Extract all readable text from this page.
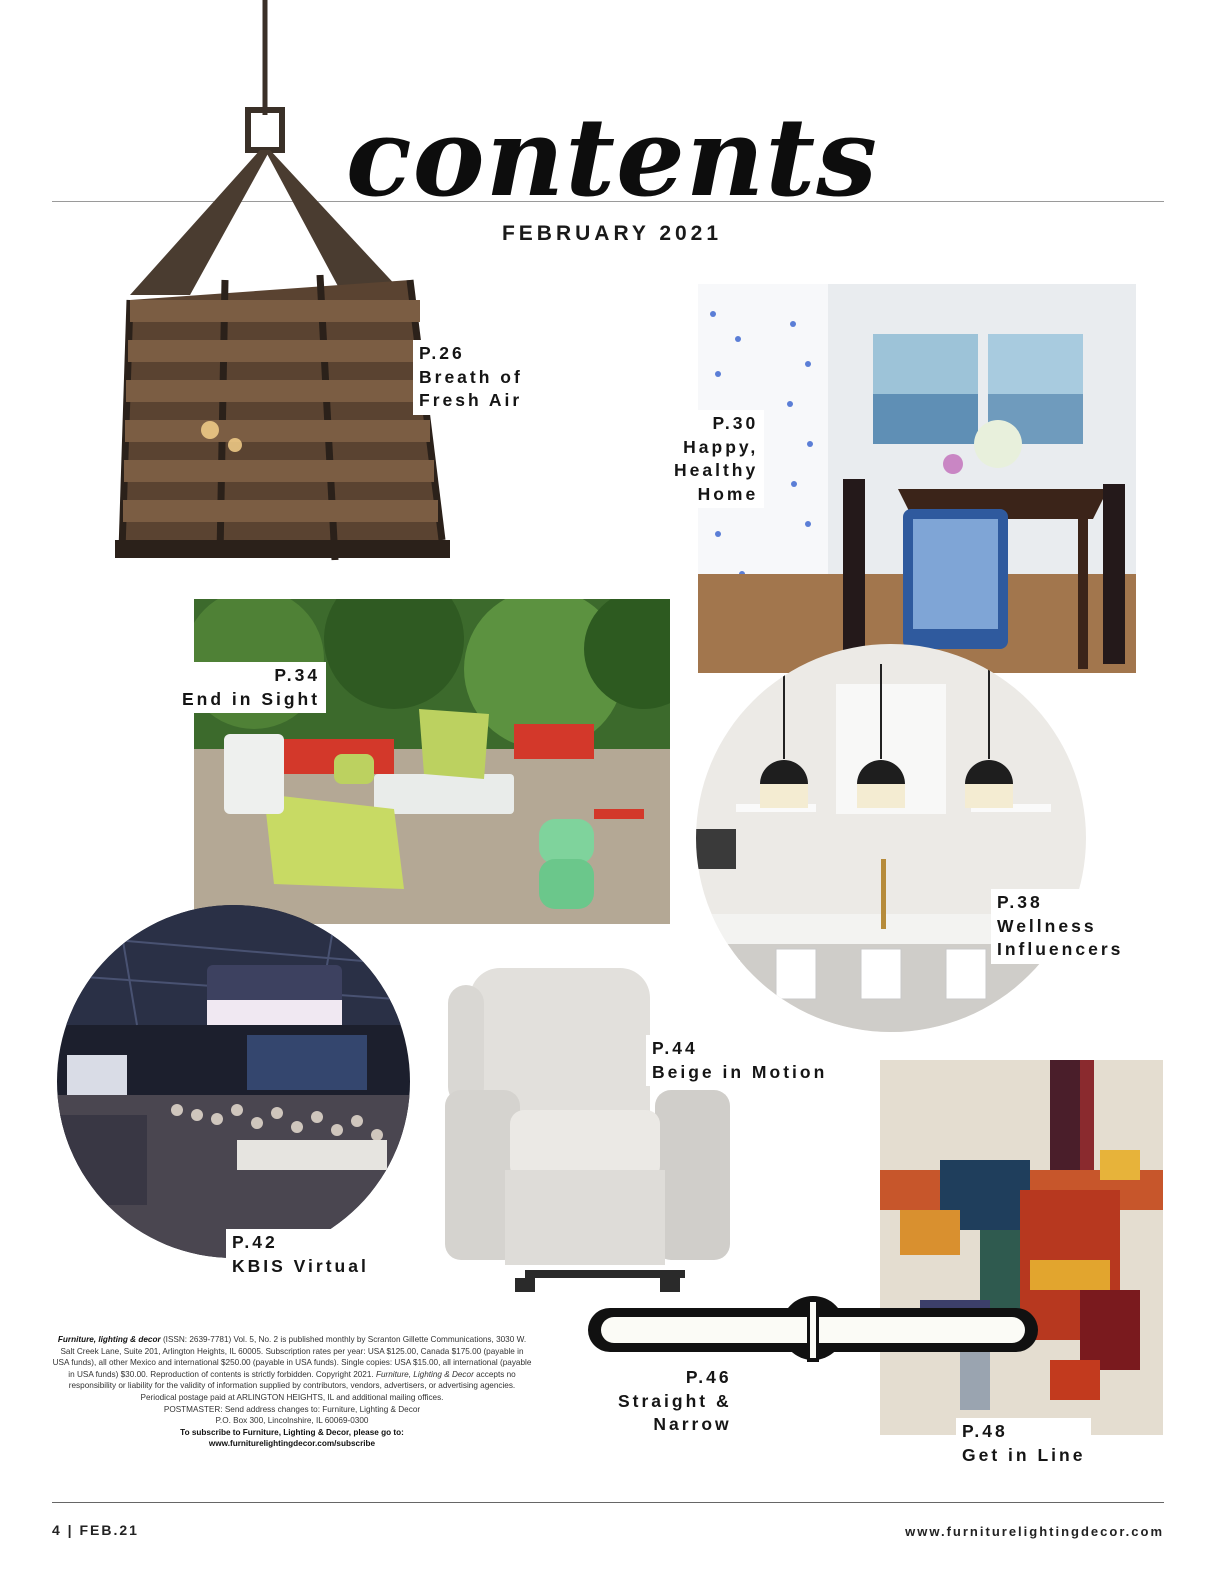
contents
FEBRUARY 2021
P.26
Breath of
Fresh Air
P.30
Happy,
Healthy
Home
P.34
End in Sight
P.38
Wellness
Influencers
P.42
KBIS Virtual
P.44
Beige in Motion
P.46
Straight &
Narrow	P.48
Get in Line
Furniture, lighting & decor (ISSN: 2639-7781) Vol. 5, No. 2 is published monthly by Scranton Gillette Communications, 3030 W. Salt Creek Lane, Suite 201, Arlington Heights, IL 60005. Subscription rates per year: USA $125.00, Canada $175.00 (payable in USA funds), all other Mexico and international $250.00 (payable in USA funds). Single copies: USA $15.00, all international (payable in USA funds) $30.00. Reproduction of contents is strictly forbidden. Copyright 2021. Furniture, Lighting & Decor accepts no responsibility or liability for the validity of information supplied by contributors, vendors, advertisers, or advertising agencies.
Periodical postage paid at ARLINGTON HEIGHTS, IL and additional mailing offices.
POSTMASTER: Send address changes to: Furniture, Lighting & Decor
P.O. Box 300, Lincolnshire, IL 60069-0300
To subscribe to Furniture, Lighting & Decor, please go to:
www.furniturelightingdecor.com/subscribe
4 | FEB.21	www.furniturelightingdecor.com
